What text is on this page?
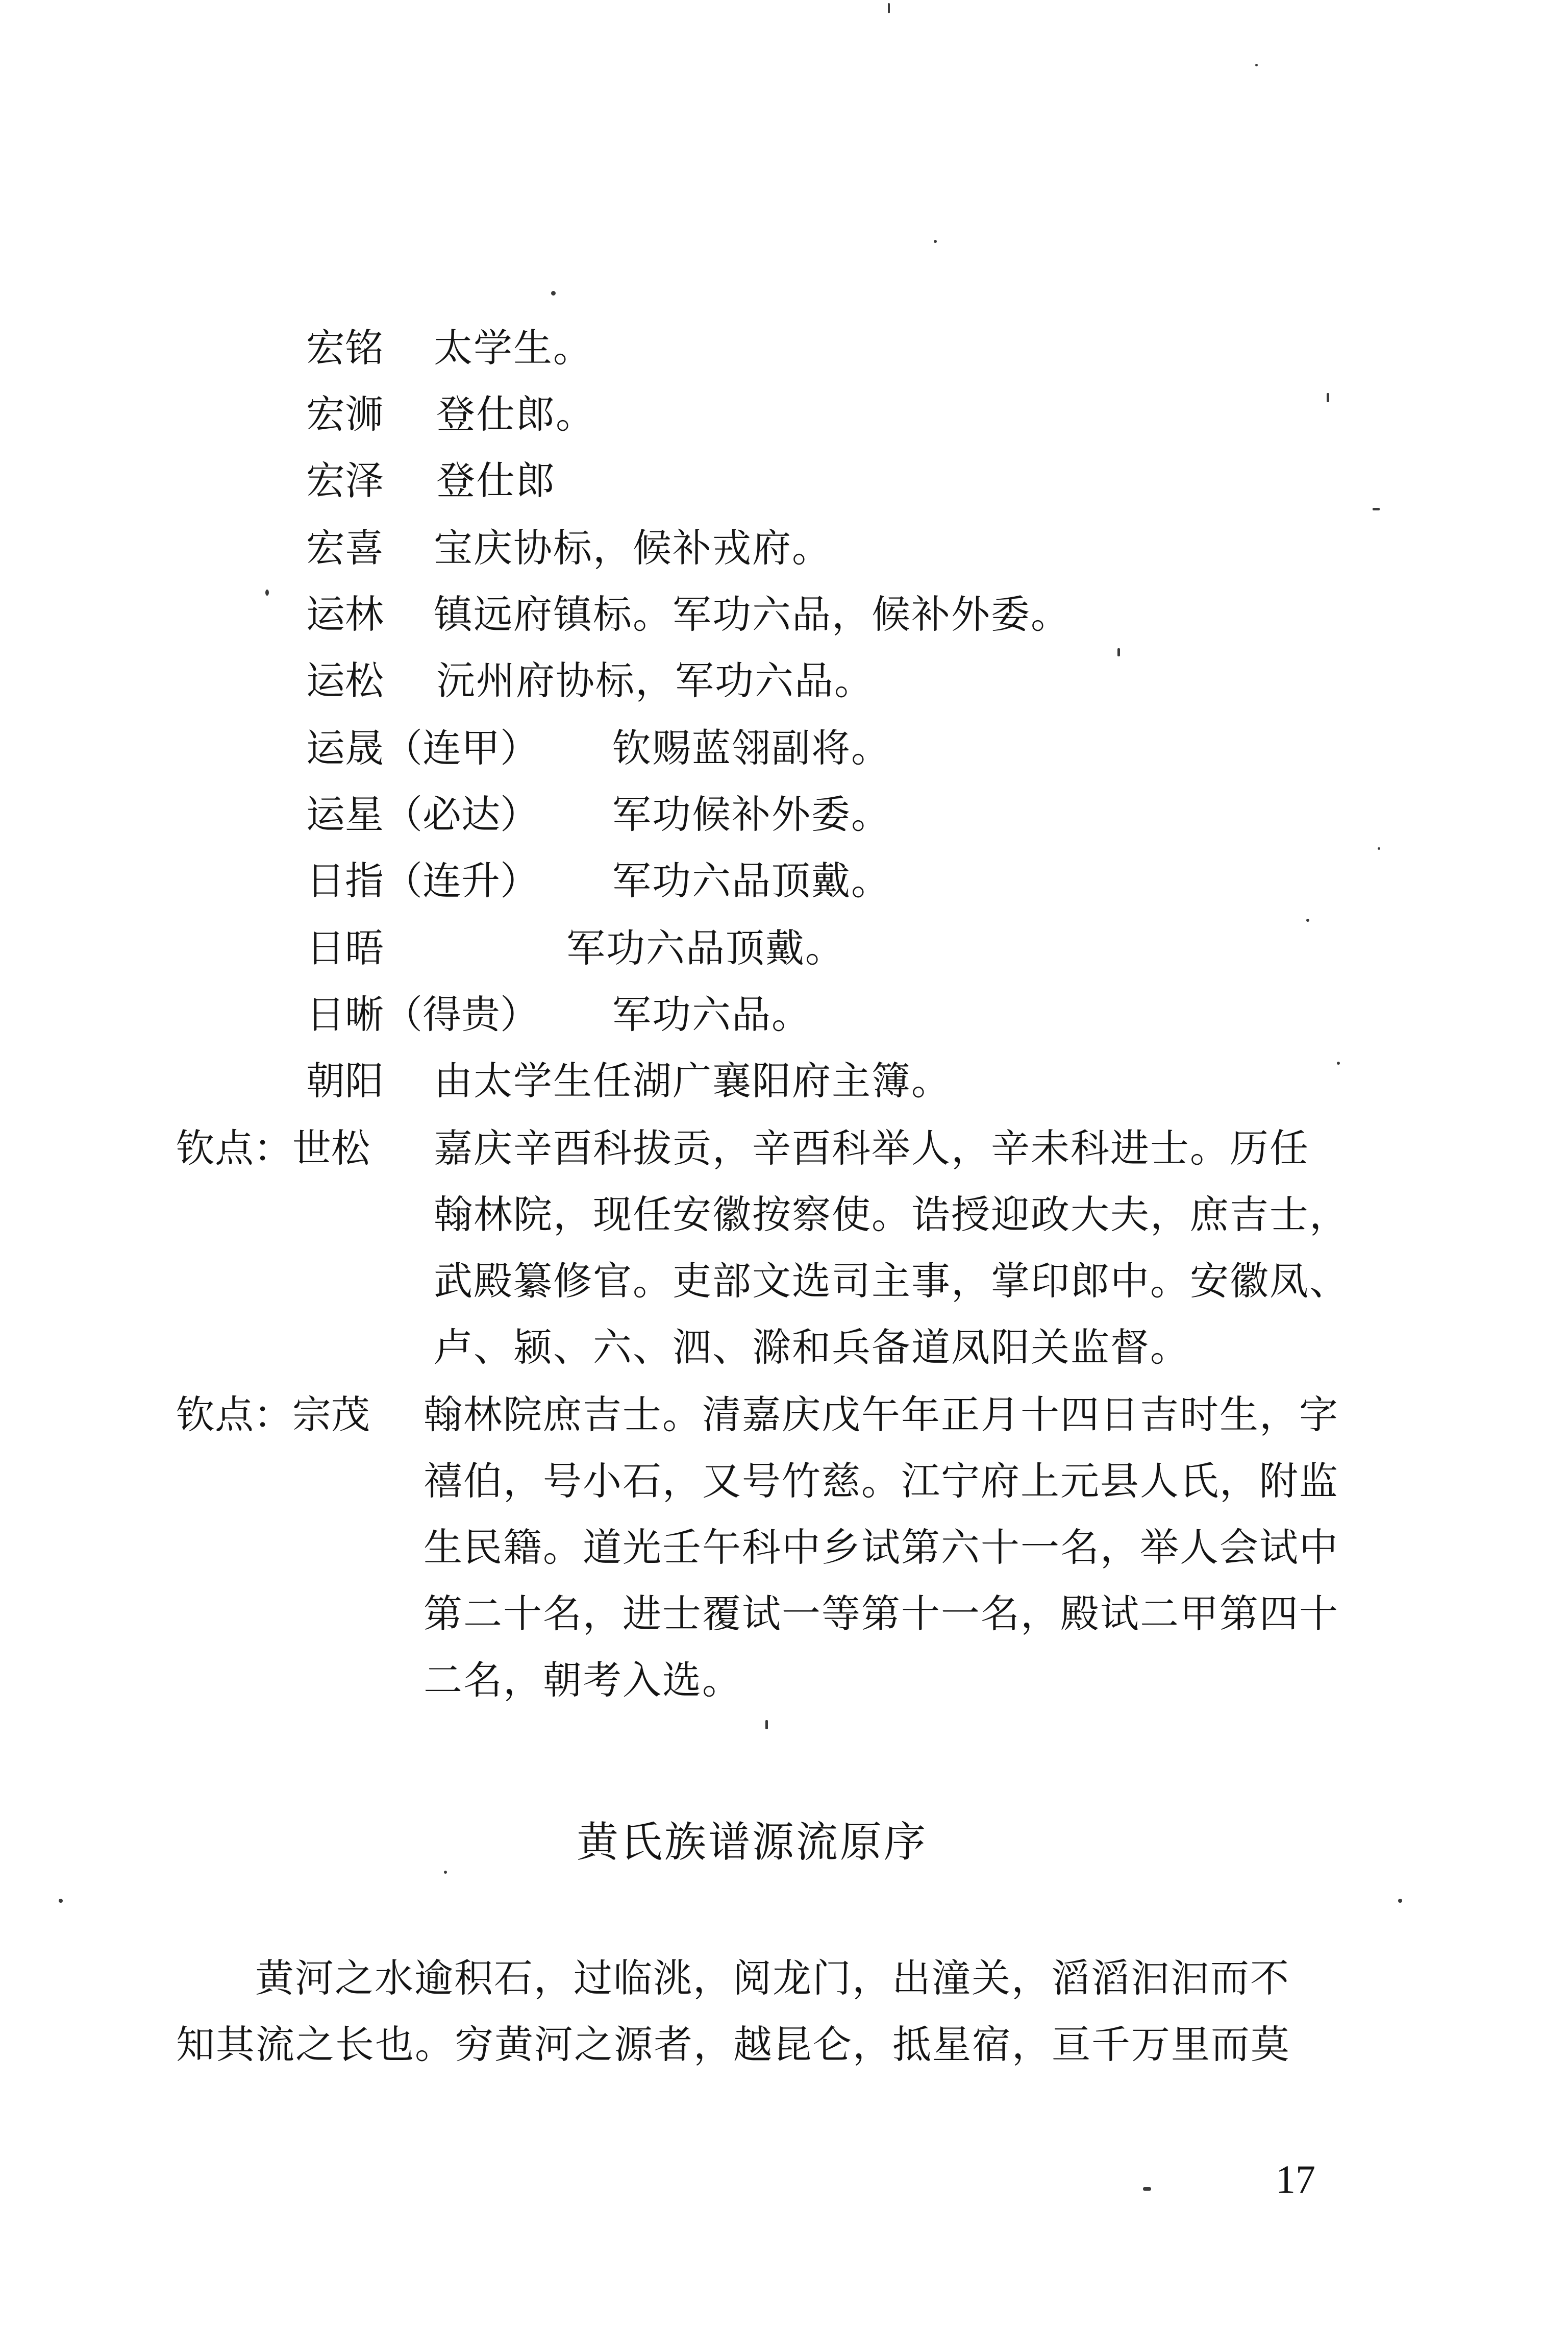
宏铭 太学生。
宏浉 登仕郎。
宏泽 登仕郎
宏喜 宝庆协标，候补戎府。
运林 镇远府镇标。军功六品，候补外委。
运松 沅州府协标，军功六品。
运晟（连甲） 钦赐蓝翎副将。
运星（必达） 军功候补外委。
日指（连升） 军功六品顶戴。
日晤	军功六品顶戴。
日晰（得贵） 军功六品。
朝阳 由太学生任湖广襄阳府主簿。
钦点：世松 嘉庆辛酉科拔贡，辛酉科举人，辛未科进士。历任
翰林院，现任安徽按察使。诰授迎政大夫，庶吉士，
武殿纂修官。吏部文选司主事，掌印郎中。安徽凤、
卢、颍、六、泗、滁和兵备道凤阳关监督。
钦点：宗茂 翰林院庶吉士。清嘉庆戊午年正月十四日吉时生，字
禧伯，号小石，又号竹慈。江宁府上元县人氏，附监
生民籍。道光壬午科中乡试第六十一名，举人会试中
第二十名，进士覆试一等第十一名，殿试二甲第四十
二名，朝考入选。
黄氏族谱源流原序
黄河之水逾积石，过临洮，阅龙门，出潼关，滔滔汩汩而不
知其流之长也。穷黄河之源者，越昆仑，抵星宿，亘千万里而莫
17
